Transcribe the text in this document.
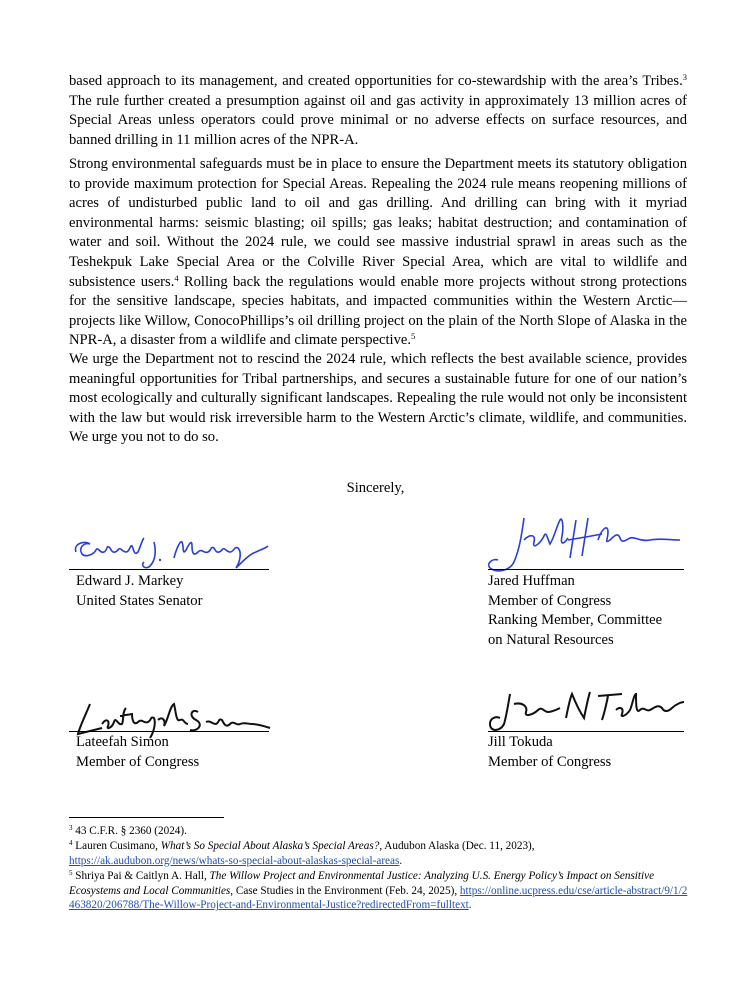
based approach to its management, and created opportunities for co-stewardship with the area’s Tribes.$^3$ The rule further created a presumption against oil and gas activity in approximately 13 million acres of Special Areas unless operators could prove minimal or no adverse effects on surface resources, and banned drilling in 11 million acres of the NPR-A.

Strong environmental safeguards must be in place to ensure the Department meets its statutory obligation to provide maximum protection for Special Areas. Repealing the 2024 rule means reopening millions of acres of undisturbed public land to oil and gas drilling. And drilling can bring with it myriad environmental harms: seismic blasting; oil spills; gas leaks; habitat destruction; and contamination of water and soil. Without the 2024 rule, we could see massive industrial sprawl in areas such as the Teshekpuk Lake Special Area or the Colville River Special Area, which are vital to wildlife and subsistence users.$^4$ Rolling back the regulations would enable more projects without strong protections for the sensitive landscape, species habitats, and impacted communities within the Western Arctic—projects like Willow, ConocoPhillips’s oil drilling project on the plain of the North Slope of Alaska in the NPR-A, a disaster from a wildlife and climate perspective.$^5$

We urge the Department not to rescind the 2024 rule, which reflects the best available science, provides meaningful opportunities for Tribal partnerships, and secures a sustainable future for one of our nation’s most ecologically and culturally significant landscapes. Repealing the rule would not only be inconsistent with the law but would risk irreversible harm to the Western Arctic’s climate, wildlife, and communities. We urge you not to do so.

Sincerely,
Edward J. Markey
United States Senator
Jared Huffman
Member of Congress
Ranking Member, Committee
on Natural Resources
Lateefah Simon
Member of Congress
Jill Tokuda
Member of Congress

$^3$ 43 C.F.R. § 2360 (2024).

$^4$ Lauren Cusimano, What’s So Special About Alaska’s Special Areas?, Audubon Alaska (Dec. 11, 2023),
https://ak.audubon.org/news/whats-so-special-about-alaskas-special-areas.

$^5$ Shriya Pai & Caitlyn A. Hall, The Willow Project and Environmental Justice: Analyzing U.S. Energy Policy’s Impact on Sensitive Ecosystems and Local Communities, Case Studies in the Environment (Feb. 24, 2025), https://online.ucpress.edu/cse/article-abstract/9/1/2463820/206788/The-Willow-Project-and-Environmental-Justice?redirectedFrom=fulltext.
